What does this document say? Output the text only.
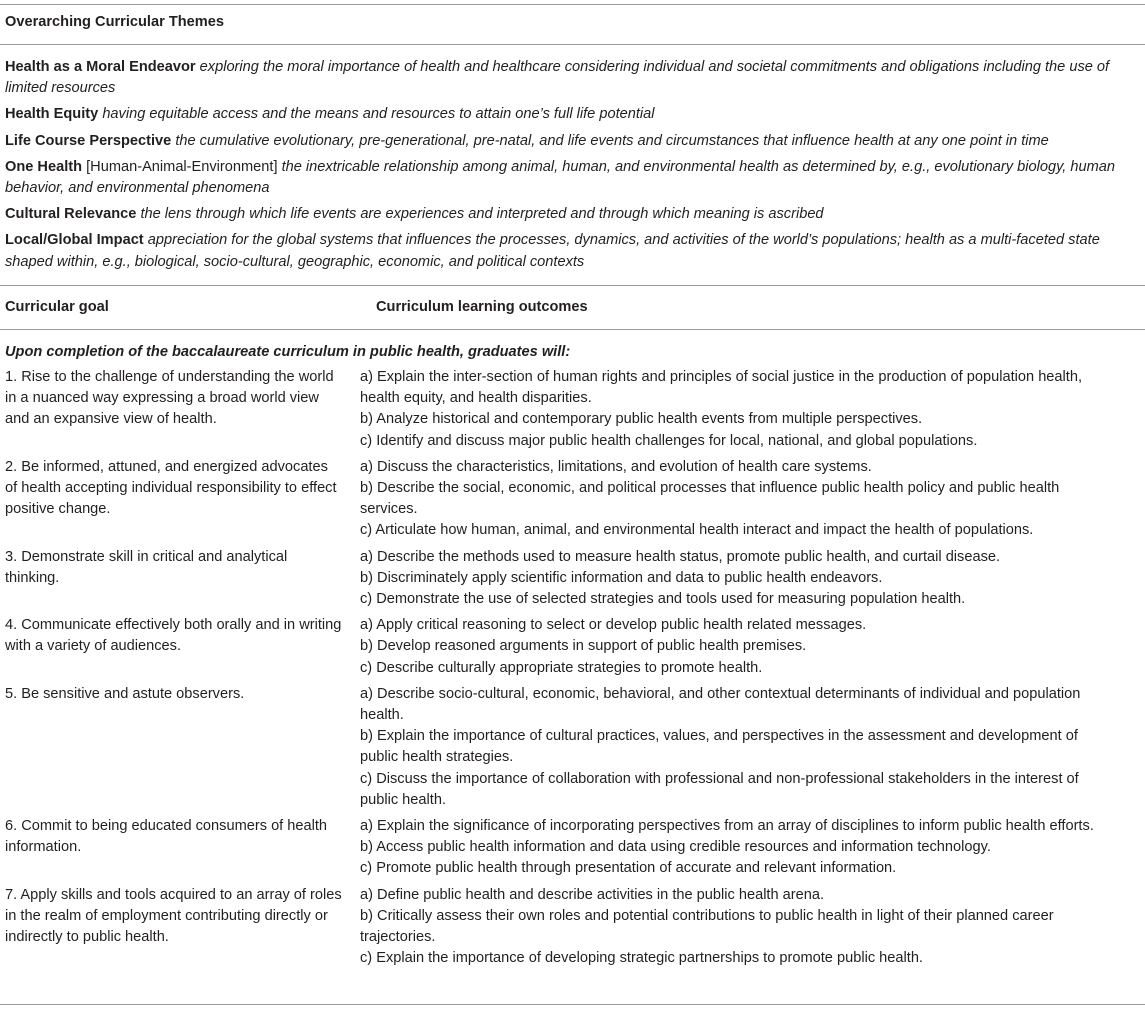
Overarching Curricular Themes
Health as a Moral Endeavor exploring the moral importance of health and healthcare considering individual and societal commitments and obligations including the use of limited resources
Health Equity having equitable access and the means and resources to attain one’s full life potential
Life Course Perspective the cumulative evolutionary, pre-generational, pre-natal, and life events and circumstances that influence health at any one point in time
One Health [Human-Animal-Environment] the inextricable relationship among animal, human, and environmental health as determined by, e.g., evolutionary biology, human behavior, and environmental phenomena
Cultural Relevance the lens through which life events are experiences and interpreted and through which meaning is ascribed
Local/Global Impact appreciation for the global systems that influences the processes, dynamics, and activities of the world’s populations; health as a multi-faceted state shaped within, e.g., biological, socio-cultural, geographic, economic, and political contexts
Curricular goal	Curriculum learning outcomes
Upon completion of the baccalaureate curriculum in public health, graduates will:
1. Rise to the challenge of understanding the world in a nuanced way expressing a broad world view and an expansive view of health.
a) Explain the inter-section of human rights and principles of social justice in the production of population health, health equity, and health disparities.
b) Analyze historical and contemporary public health events from multiple perspectives.
c) Identify and discuss major public health challenges for local, national, and global populations.
2. Be informed, attuned, and energized advocates of health accepting individual responsibility to effect positive change.
a) Discuss the characteristics, limitations, and evolution of health care systems.
b) Describe the social, economic, and political processes that influence public health policy and public health services.
c) Articulate how human, animal, and environmental health interact and impact the health of populations.
3. Demonstrate skill in critical and analytical thinking.
a) Describe the methods used to measure health status, promote public health, and curtail disease.
b) Discriminately apply scientific information and data to public health endeavors.
c) Demonstrate the use of selected strategies and tools used for measuring population health.
4. Communicate effectively both orally and in writing with a variety of audiences.
a) Apply critical reasoning to select or develop public health related messages.
b) Develop reasoned arguments in support of public health premises.
c) Describe culturally appropriate strategies to promote health.
5. Be sensitive and astute observers.	a) Describe socio-cultural, economic, behavioral, and other contextual determinants of individual and population health.
b) Explain the importance of cultural practices, values, and perspectives in the assessment and development of public health strategies.
c) Discuss the importance of collaboration with professional and non-professional stakeholders in the interest of public health.
6. Commit to being educated consumers of health information.
a) Explain the significance of incorporating perspectives from an array of disciplines to inform public health efforts.
b) Access public health information and data using credible resources and information technology.
c) Promote public health through presentation of accurate and relevant information.
7. Apply skills and tools acquired to an array of roles in the realm of employment contributing directly or indirectly to public health.
a) Define public health and describe activities in the public health arena.
b) Critically assess their own roles and potential contributions to public health in light of their planned career trajectories.
c) Explain the importance of developing strategic partnerships to promote public health.
